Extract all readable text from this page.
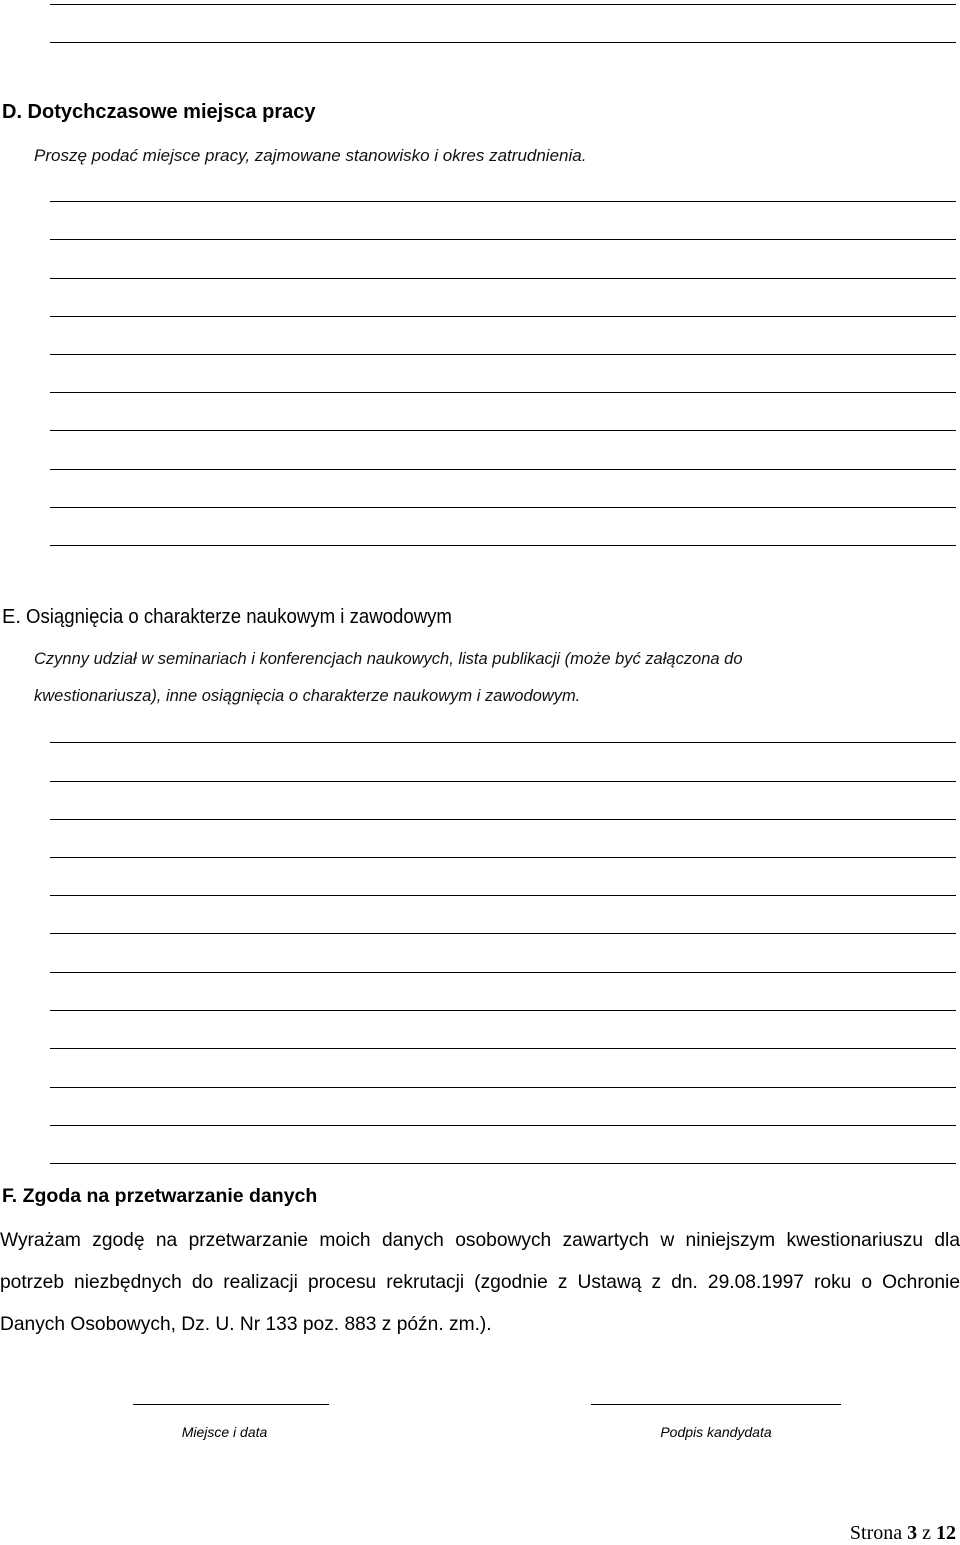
D. Dotychczasowe miejsca pracy
Proszę podać miejsce pracy, zajmowane stanowisko i okres zatrudnienia.
E. Osiągnięcia o charakterze naukowym i zawodowym
Czynny udział w seminariach i konferencjach naukowych, lista publikacji (może być załączona do
kwestionariusza), inne osiągnięcia o charakterze naukowym i zawodowym.
F. Zgoda na przetwarzanie danych
Wyrażam zgodę na przetwarzanie moich danych osobowych zawartych w niniejszym kwestionariuszu dla potrzeb niezbędnych do realizacji procesu rekrutacji (zgodnie z Ustawą z dn. 29.08.1997 roku o Ochronie Danych Osobowych, Dz. U. Nr 133 poz. 883 z późn. zm.).
Miejsce i data	Podpis kandydata
Strona 3 z 12
